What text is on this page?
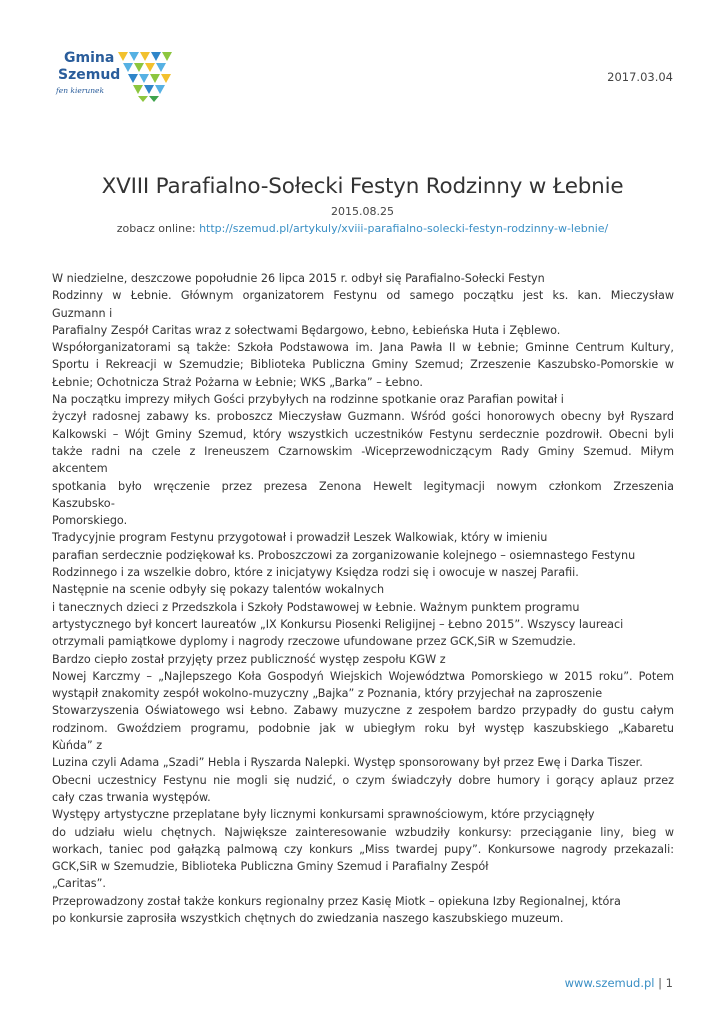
Gmina
Szemud
fen kierunek
2017.03.04
XVIII Parafialno-Sołecki Festyn Rodzinny w Łebnie
2015.08.25
zobacz online: http://szemud.pl/artykuly/xviii-parafialno-solecki-festyn-rodzinny-w-lebnie/
W niedzielne, deszczowe popołudnie 26 lipca 2015 r. odbył się Parafialno-Sołecki Festyn
Rodzinny w Łebnie. Głównym organizatorem Festynu od samego początku jest ks. kan. Mieczysław
Guzmann i
Parafialny Zespół Caritas wraz z sołectwami Będargowo, Łebno, Łebieńska Huta i Zęblewo.
Współorganizatorami są także: Szkoła Podstawowa im. Jana Pawła II w Łebnie; Gminne Centrum Kultury,
Sportu i Rekreacji w Szemudzie; Biblioteka Publiczna Gminy Szemud; Zrzeszenie Kaszubsko-Pomorskie w
Łebnie; Ochotnicza Straż Pożarna w Łebnie; WKS „Barka” – Łebno.
Na początku imprezy miłych Gości przybyłych na rodzinne spotkanie oraz Parafian powitał i
życzył radosnej zabawy ks. proboszcz Mieczysław Guzmann. Wśród gości honorowych obecny był Ryszard
Kalkowski – Wójt Gminy Szemud, który wszystkich uczestników Festynu serdecznie pozdrowił. Obecni byli
także radni na czele z Ireneuszem Czarnowskim -Wiceprzewodniczącym Rady Gminy Szemud. Miłym
akcentem
spotkania było wręczenie przez prezesa Zenona Hewelt legitymacji nowym członkom Zrzeszenia
Kaszubsko-
Pomorskiego.
Tradycyjnie program Festynu przygotował i prowadził Leszek Walkowiak, który w imieniu
parafian serdecznie podziękował ks. Proboszczowi za zorganizowanie kolejnego – osiemnastego Festynu
Rodzinnego i za wszelkie dobro, które z inicjatywy Księdza rodzi się i owocuje w naszej Parafii.
Następnie na scenie odbyły się pokazy talentów wokalnych
i tanecznych dzieci z Przedszkola i Szkoły Podstawowej w Łebnie. Ważnym punktem programu
artystycznego był koncert laureatów „IX Konkursu Piosenki Religijnej – Łebno 2015”. Wszyscy laureaci
otrzymali pamiątkowe dyplomy i nagrody rzeczowe ufundowane przez GCK,SiR w Szemudzie.
Bardzo ciepło został przyjęty przez publiczność występ zespołu KGW z
Nowej Karczmy – „Najlepszego Koła Gospodyń Wiejskich Województwa Pomorskiego w 2015 roku”. Potem
wystąpił znakomity zespół wokolno-muzyczny „Bajka” z Poznania, który przyjechał na zaproszenie
Stowarzyszenia Oświatowego wsi Łebno. Zabawy muzyczne z zespołem bardzo przypadły do gustu całym
rodzinom. Gwoździem programu, podobnie jak w ubiegłym roku był występ kaszubskiego „Kabaretu
Kùńda” z
Luzina czyli Adama „Szadi” Hebla i Ryszarda Nalepki. Występ sponsorowany był przez Ewę i Darka Tiszer.
Obecni uczestnicy Festynu nie mogli się nudzić, o czym świadczyły dobre humory i gorący aplauz przez
cały czas trwania występów.
Występy artystyczne przeplatane były licznymi konkursami sprawnościowym, które przyciągnęły
do udziału wielu chętnych. Największe zainteresowanie wzbudziły konkursy: przeciąganie liny, bieg w
workach, taniec pod gałązką palmową czy konkurs „Miss twardej pupy”. Konkursowe nagrody przekazali:
GCK,SiR w Szemudzie, Biblioteka Publiczna Gminy Szemud i Parafialny Zespół
„Caritas”.
Przeprowadzony został także konkurs regionalny przez Kasię Miotk – opiekuna Izby Regionalnej, która
po konkursie zaprosiła wszystkich chętnych do zwiedzania naszego kaszubskiego muzeum.
www.szemud.pl | 1
